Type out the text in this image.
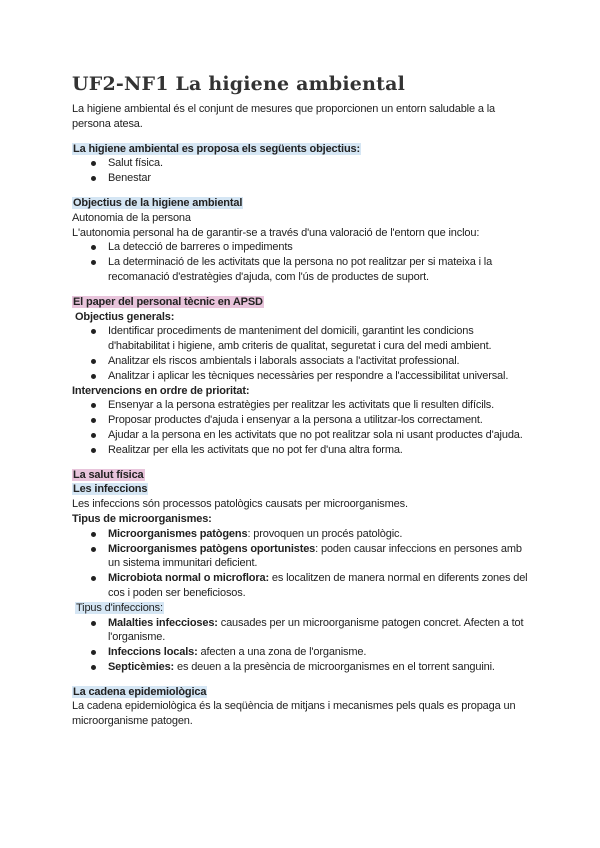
UF2-NF1 La higiene ambiental

La higiene ambiental és el conjunt de mesures que proporcionen un entorn saludable a la persona atesa.

La higiene ambiental es proposa els següents objectius:

Salut física.
Benestar

Objectius de la higiene ambiental

Autonomia de la persona

L'autonomia personal ha de garantir-se a través d'una valoració de l'entorn que inclou:

La detecció de barreres o impediments
La determinació de les activitats que la persona no pot realitzar per si mateixa i la recomanació d'estratègies d'ajuda, com l'ús de productes de suport.

El paper del personal tècnic en APSD

Objectius generals:

Identificar procediments de manteniment del domicili, garantint les condicions d'habitabilitat i higiene, amb criteris de qualitat, seguretat i cura del medi ambient.
Analitzar els riscos ambientals i laborals associats a l'activitat professional.
Analitzar i aplicar les tècniques necessàries per respondre a l'accessibilitat universal.

Intervencions en ordre de prioritat:

Ensenyar a la persona estratègies per realitzar les activitats que li resulten difícils.
Proposar productes d'ajuda i ensenyar a la persona a utilitzar-los correctament.
Ajudar a la persona en les activitats que no pot realitzar sola ni usant productes d'ajuda.
Realitzar per ella les activitats que no pot fer d'una altra forma.

La salut física

Les infeccions

Les infeccions són processos patològics causats per microorganismes.

Tipus de microorganismes:

Microorganismes patògens: provoquen un procés patològic.
Microorganismes patògens oportunistes: poden causar infeccions en persones amb un sistema immunitari deficient.
Microbiota normal o microflora: es localitzen de manera normal en diferents zones del cos i poden ser beneficiosos.

Tipus d'infeccions:

Malalties infeccioses: causades per un microorganisme patogen concret. Afecten a tot l'organisme.
Infeccions locals: afecten a una zona de l'organisme.
Septicèmies: es deuen a la presència de microorganismes en el torrent sanguini.

La cadena epidemiològica

La cadena epidemiològica és la seqüència de mitjans i mecanismes pels quals es propaga un microorganisme patogen.
